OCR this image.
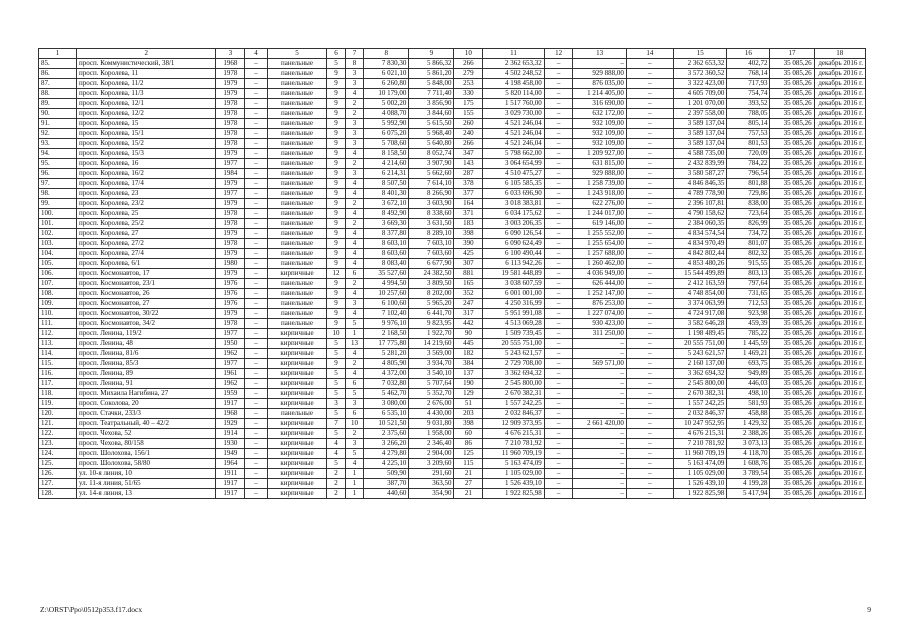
1	2	3	4	5	6	7	8	9	10	11	12	13	14	15	16	17	18
85.	просп. Коммунистический, 38/1	1968	–	панельные	5	8	7 830,30	5 866,32	266	2 362 653,32	–	–	–	2 362 653,32	402,72	35 085,26	декабрь 2016 г.
86.	просп. Королева, 11	1978	–	панельные	9	3	6 021,10	5 861,20	279	4 502 248,52	–	929 888,00	–	3 572 360,52	768,14	35 085,26	декабрь 2016 г.
87.	просп. Королева, 11/2	1979	–	панельные	9	3	6 260,80	5 848,00	253	4 198 458,00	–	876 035,00	–	3 322 423,00	717,93	35 085,26	декабрь 2016 г.
88.	просп. Королева, 11/3	1979	–	панельные	9	4	10 179,00	7 711,40	330	5 820 114,00	–	1 214 405,00	–	4 605 709,00	754,74	35 085,26	декабрь 2016 г.
89.	просп. Королева, 12/1	1978	–	панельные	9	2	5 002,20	3 856,90	175	1 517 760,00	–	316 690,00	–	1 201 070,00	393,52	35 085,26	декабрь 2016 г.
90.	просп. Королева, 12/2	1978	–	панельные	9	2	4 088,70	3 844,60	155	3 029 730,00	–	632 172,00	–	2 397 558,00	788,05	35 085,26	декабрь 2016 г.
91.	просп. Королева, 15	1978	–	панельные	9	3	5 992,90	5 615,50	260	4 521 246,04	–	932 109,00	–	3 589 137,04	805,14	35 085,26	декабрь 2016 г.
92.	просп. Королева, 15/1	1978	–	панельные	9	3	6 075,20	5 968,40	240	4 521 246,04	–	932 109,00	–	3 589 137,04	757,53	35 085,26	декабрь 2016 г.
93.	просп. Королева, 15/2	1978	–	панельные	9	3	5 708,60	5 640,80	266	4 521 246,04	–	932 109,00	–	3 589 137,04	801,53	35 085,26	декабрь 2016 г.
94.	просп. Королева, 15/3	1979	–	панельные	9	4	8 158,50	8 052,74	347	5 798 662,00	–	1 209 927,00	–	4 588 735,00	720,09	35 085,26	декабрь 2016 г.
95.	просп. Королева, 16	1977	–	панельные	9	2	4 214,60	3 907,90	143	3 064 654,99	–	631 815,00	–	2 432 839,99	784,22	35 085,26	декабрь 2016 г.
96.	просп. Королева, 16/2	1984	–	панельные	9	3	6 214,31	5 662,60	287	4 510 475,27	–	929 888,00	–	3 580 587,27	796,54	35 085,26	декабрь 2016 г.
97.	просп. Королева, 17/4	1979	–	панельные	9	4	8 507,50	7 614,10	378	6 105 585,35	–	1 258 739,00	–	4 846 846,35	801,88	35 085,26	декабрь 2016 г.
98.	просп. Королева, 23	1977	–	панельные	9	4	8 401,30	8 266,90	377	6 033 696,90	–	1 243 918,00	–	4 789 778,90	729,86	35 085,26	декабрь 2016 г.
99.	просп. Королева, 23/2	1979	–	панельные	9	2	3 672,10	3 603,90	164	3 018 383,81	–	622 276,00	–	2 396 107,81	838,00	35 085,26	декабрь 2016 г.
100.	просп. Королева, 25	1978	–	панельные	9	4	8 492,90	8 338,60	371	6 034 175,62	–	1 244 017,00	–	4 790 158,62	723,64	35 085,26	декабрь 2016 г.
101.	просп. Королева, 25/2	1978	–	панельные	9	2	3 669,30	3 631,50	183	3 003 206,35	–	619 146,00	–	2 384 060,35	826,99	35 085,26	декабрь 2016 г.
102.	просп. Королева, 27	1979	–	панельные	9	4	8 377,80	8 289,10	398	6 090 126,54	–	1 255 552,00	–	4 834 574,54	734,72	35 085,26	декабрь 2016 г.
103.	просп. Королева, 27/2	1978	–	панельные	9	4	8 603,10	7 603,10	390	6 090 624,49	–	1 255 654,00	–	4 834 970,49	801,07	35 085,26	декабрь 2016 г.
104.	просп. Королева, 27/4	1979	–	панельные	9	4	8 603,60	7 603,60	425	6 100 490,44	–	1 257 688,00	–	4 842 802,44	802,32	35 085,26	декабрь 2016 г.
105.	просп. Королева, 6/1	1980	–	панельные	9	4	8 083,40	6 677,90	307	6 113 942,26	–	1 260 462,00	–	4 853 480,26	915,55	35 085,26	декабрь 2016 г.
106.	просп. Космонавтов, 17	1979	–	кирпичные	12	6	35 527,60	24 382,50	881	19 581 448,89	–	4 036 949,00	–	15 544 499,89	803,13	35 085,26	декабрь 2016 г.
107.	просп. Космонавтов, 23/1	1976	–	панельные	9	2	4 994,50	3 809,50	165	3 038 607,59	–	626 444,00	–	2 412 163,59	797,64	35 085,26	декабрь 2016 г.
108.	просп. Космонавтов, 26	1976	–	панельные	9	4	10 257,60	8 202,00	352	6 001 001,00	–	1 252 147,00	–	4 748 854,00	731,65	35 085,26	декабрь 2016 г.
109.	просп. Космонавтов, 27	1976	–	панельные	9	3	6 100,60	5 965,20	247	4 250 316,99	–	876 253,00	–	3 374 063,99	712,53	35 085,26	декабрь 2016 г.
110.	просп. Космонавтов, 30/22	1979	–	панельные	9	4	7 102,40	6 441,70	317	5 951 991,08	–	1 227 074,00	–	4 724 917,08	923,98	35 085,26	декабрь 2016 г.
111.	просп. Космонавтов, 34/2	1978	–	панельные	9	5	9 976,10	9 823,95	442	4 513 069,28	–	930 423,00	–	3 582 646,28	459,39	35 085,26	декабрь 2016 г.
112.	просп. Ленина, 119/2	1977	–	кирпичные	10	1	2 168,50	1 922,70	90	1 509 739,45	–	311 250,00	–	1 198 489,45	785,22	35 085,26	декабрь 2016 г.
113.	просп. Ленина, 48	1950	–	кирпичные	5	13	17 775,80	14 219,60	445	20 555 751,00	–	–	–	20 555 751,00	1 445,59	35 085,26	декабрь 2016 г.
114.	просп. Ленина, 81/6	1962	–	кирпичные	5	4	5 281,20	3 569,00	182	5 243 621,57	–	–	–	5 243 621,57	1 469,21	35 085,26	декабрь 2016 г.
115.	просп. Ленина, 85/3	1977	–	кирпичные	9	2	4 805,90	3 934,70	384	2 729 708,00	–	569 571,00	–	2 160 137,00	693,75	35 085,26	декабрь 2016 г.
116.	просп. Ленина, 89	1961	–	кирпичные	5	4	4 372,00	3 540,10	137	3 362 694,32	–	–	–	3 362 694,32	949,89	35 085,26	декабрь 2016 г.
117.	просп. Ленина, 91	1962	–	кирпичные	5	6	7 032,80	5 707,64	190	2 545 800,00	–	–	–	2 545 800,00	446,03	35 085,26	декабрь 2016 г.
118.	просп. Михаила Нагибина, 27	1959	–	кирпичные	5	5	5 462,70	5 352,70	129	2 670 382,31	–	–	–	2 670 382,31	498,10	35 085,26	декабрь 2016 г.
119.	просп. Соколова, 20	1917	–	кирпичные	3	3	3 080,00	2 676,00	51	1 557 242,25	–	–	–	1 557 242,25	581,93	35 085,26	декабрь 2016 г.
120.	просп. Стачки, 233/3	1968	–	панельные	5	6	6 535,10	4 430,00	203	2 032 846,37	–	–	–	2 032 846,37	458,88	35 085,26	декабрь 2016 г.
121.	просп. Театральный, 40 – 42/2	1929	–	кирпичные	7	10	10 521,50	9 031,80	398	12 909 373,95	–	2 661 420,00	–	10 247 952,95	1 429,32	35 085,26	декабрь 2016 г.
122.	просп. Чехова, 52	1914	–	кирпичные	5	2	2 375,60	1 958,00	60	4 676 215,31	–	–	–	4 676 215,31	2 388,26	35 085,26	декабрь 2016 г.
123.	просп. Чехова, 80/158	1930	–	кирпичные	4	3	3 266,20	2 346,40	86	7 210 781,92	–	–	–	7 210 781,92	3 073,13	35 085,26	декабрь 2016 г.
124.	просп. Шолохова, 156/1	1949	–	кирпичные	4	5	4 279,80	2 904,00	125	11 960 709,19	–	–	–	11 960 709,19	4 118,70	35 085,26	декабрь 2016 г.
125.	просп. Шолохова, 58/80	1964	–	кирпичные	5	4	4 225,10	3 209,60	115	5 163 474,09	–	–	–	5 163 474,09	1 608,76	35 085,26	декабрь 2016 г.
126.	ул. 10-я линия, 10	1911	–	кирпичные	2	1	509,90	291,60	21	1 105 029,00	–	–	–	1 105 029,00	3 789,54	35 085,26	декабрь 2016 г.
127.	ул. 11-я линия, 51/65	1917	–	кирпичные	2	1	387,70	363,50	27	1 526 439,10	–	–	–	1 526 439,10	4 199,28	35 085,26	декабрь 2016 г.
128.	ул. 14-я линия, 13	1917	–	кирпичные	2	1	440,60	354,90	21	1 922 825,98	–	–	–	1 922 825,98	5 417,94	35 085,26	декабрь 2016 г.
Z:\ORST\Ppo\0512p353.f17.docx	9
